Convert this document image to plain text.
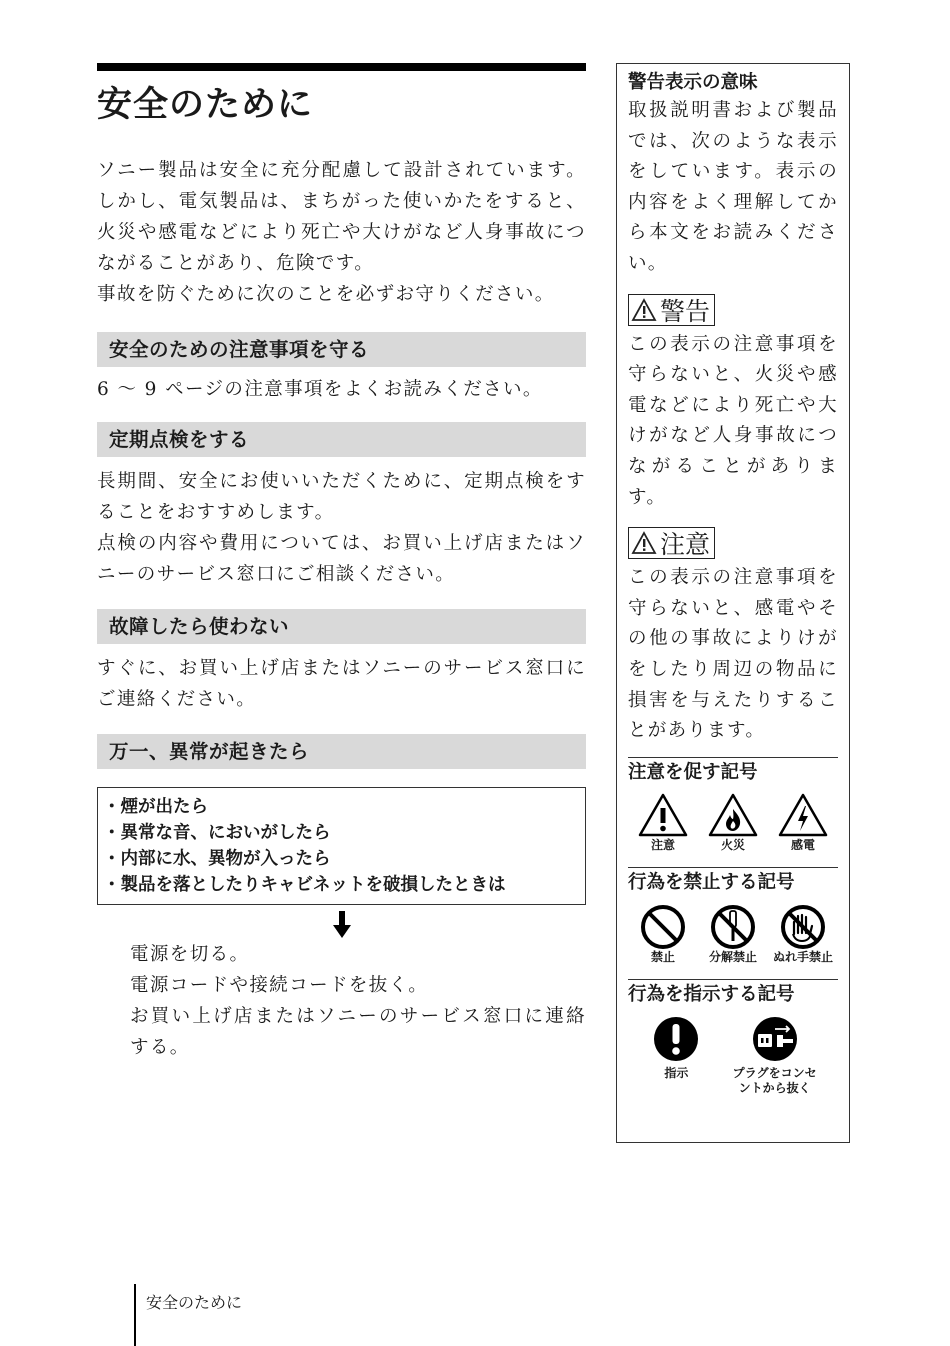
安全のために
ソニー製品は安全に充分配慮して設計されています。しかし、電気製品は、まちがった使いかたをすると、火災や感電などにより死亡や大けがなど人身事故につながることがあり、危険です。
事故を防ぐために次のことを必ずお守りください。
安全のための注意事項を守る
6 ～ 9 ページの注意事項をよくお読みください。
定期点検をする
長期間、安全にお使いいただくために、定期点検をすることをおすすめします。
点検の内容や費用については、お買い上げ店またはソニーのサービス窓口にご相談ください。
故障したら使わない
すぐに、お買い上げ店またはソニーのサービス窓口にご連絡ください。
万一、異常が起きたら
・煙が出たら
・異常な音、においがしたら
・内部に水、異物が入ったら
・製品を落としたりキャビネットを破損したときは
電源を切る。
電源コードや接続コードを抜く。
お買い上げ店またはソニーのサービス窓口に連絡する。
警告表示の意味
取扱説明書および製品では、次のような表示をしています。表示の内容をよく理解してから本文をお読みください。
警告
この表示の注意事項を守らないと、火災や感電などにより死亡や大けがなど人身事故につながることがあります。
注意
この表示の注意事項を守らないと、感電やその他の事故によりけがをしたり周辺の物品に損害を与えたりすることがあります。
注意を促す記号
注意	火災	感電
行為を禁止する記号
禁止	分解禁止 ぬれ手禁止
行為を指示する記号
指示	プラグをコンセントから抜く
安全のために
